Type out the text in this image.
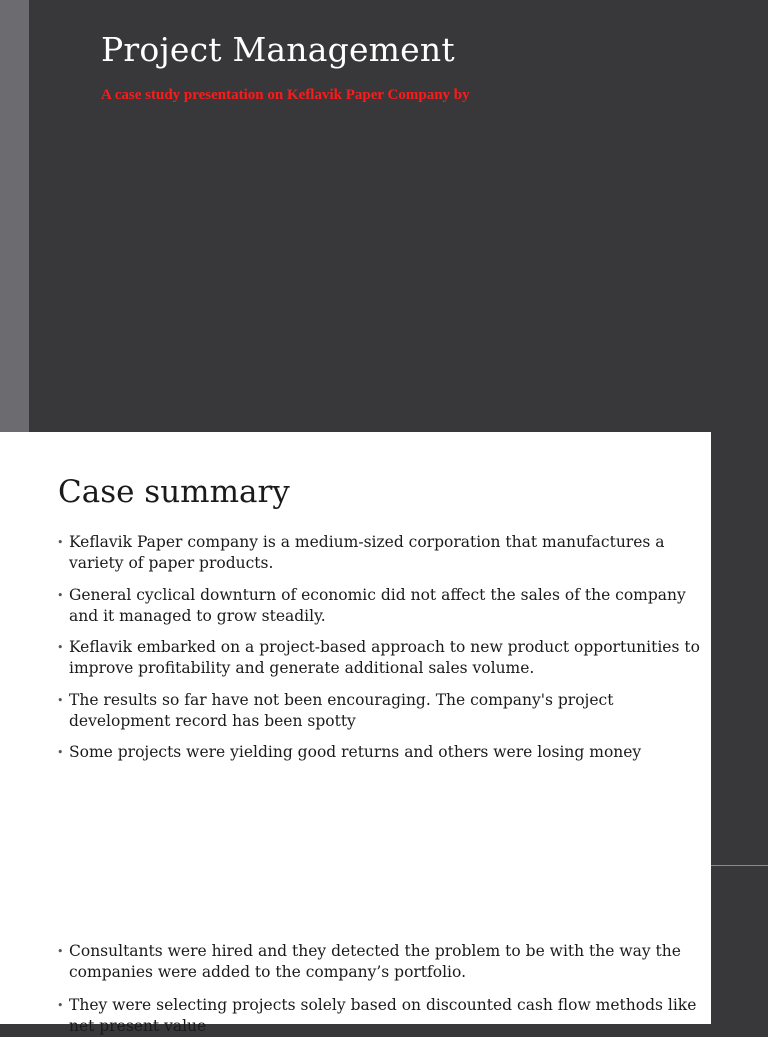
Project Management
A case study presentation on Keflavik Paper Company by
Case summary
• Keflavik Paper company is a medium-sized corporation that manufactures a variety of paper products.
• General cyclical downturn of economic did not affect the sales of the company and it managed to grow steadily.
• Keflavik embarked on a project-based approach to new product opportunities to improve profitability and generate additional sales volume.
• The results so far have not been encouraging. The company's project development record has been spotty
• Some projects were yielding good returns and others were losing money
• Consultants were hired and they detected the problem to be with the way the companies were added to the company’s portfolio.
• They were selecting projects solely based on discounted cash flow methods like net present value
